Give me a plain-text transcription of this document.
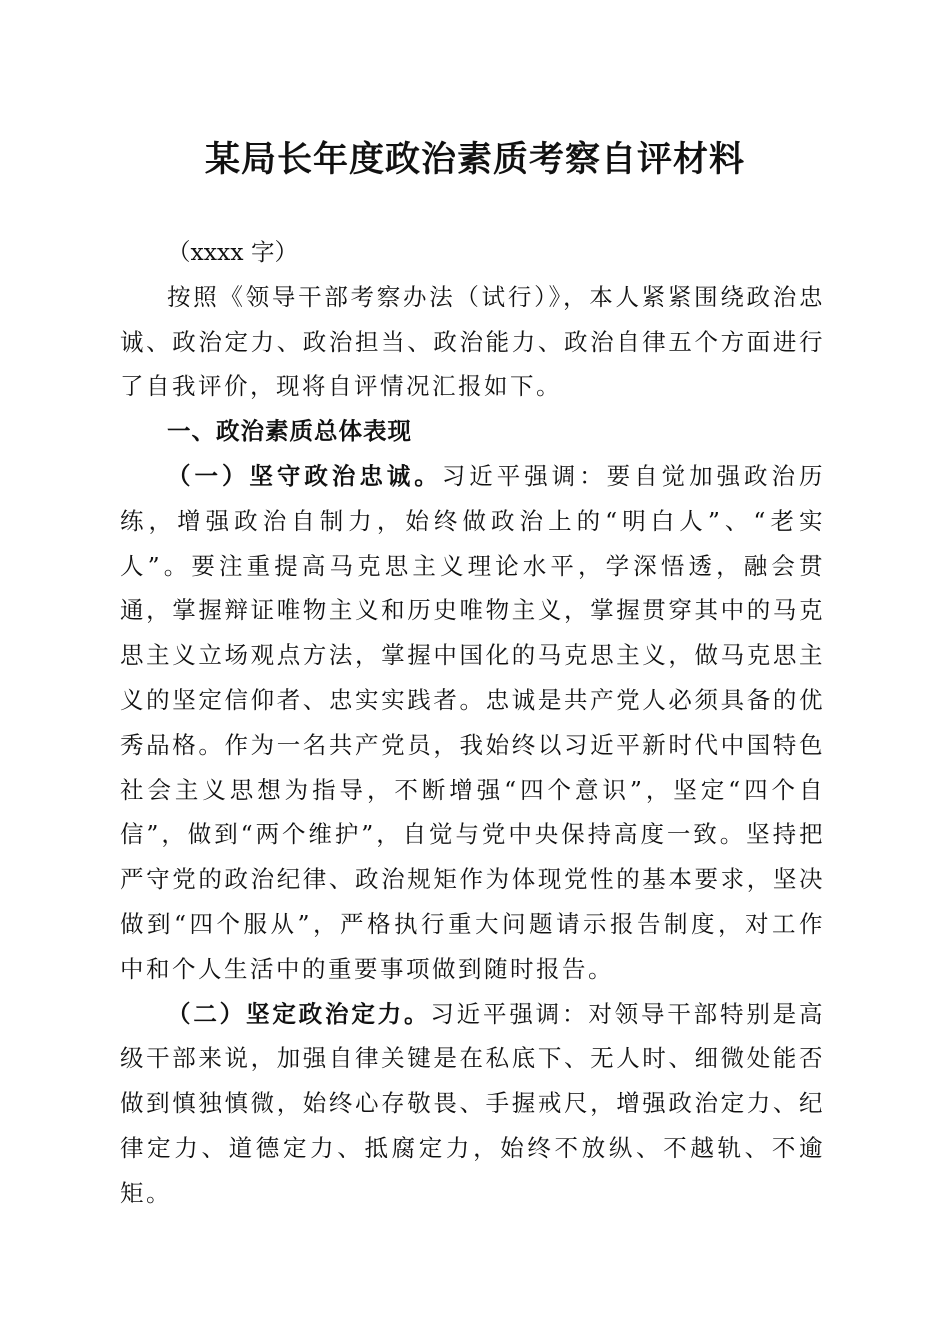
某局长年度政治素质考察自评材料

（xxxx 字）

按照《领导干部考察办法（试行）》，本人紧紧围绕政治忠诚、政治定力、政治担当、政治能力、政治自律五个方面进行了自我评价，现将自评情况汇报如下。

一、政治素质总体表现

（一）坚守政治忠诚。习近平强调：要自觉加强政治历练，增强政治自制力，始终做政治上的“明白人”、“老实人”。要注重提高马克思主义理论水平，学深悟透，融会贯通，掌握辩证唯物主义和历史唯物主义，掌握贯穿其中的马克思主义立场观点方法，掌握中国化的马克思主义，做马克思主义的坚定信仰者、忠实实践者。忠诚是共产党人必须具备的优秀品格。作为一名共产党员，我始终以习近平新时代中国特色社会主义思想为指导，不断增强“四个意识”，坚定“四个自信”，做到“两个维护”，自觉与党中央保持高度一致。坚持把严守党的政治纪律、政治规矩作为体现党性的基本要求，坚决做到“四个服从”，严格执行重大问题请示报告制度，对工作中和个人生活中的重要事项做到随时报告。

（二）坚定政治定力。习近平强调：对领导干部特别是高级干部来说，加强自律关键是在私底下、无人时、细微处能否做到慎独慎微，始终心存敬畏、手握戒尺，增强政治定力、纪律定力、道德定力、抵腐定力，始终不放纵、不越轨、不逾矩。
